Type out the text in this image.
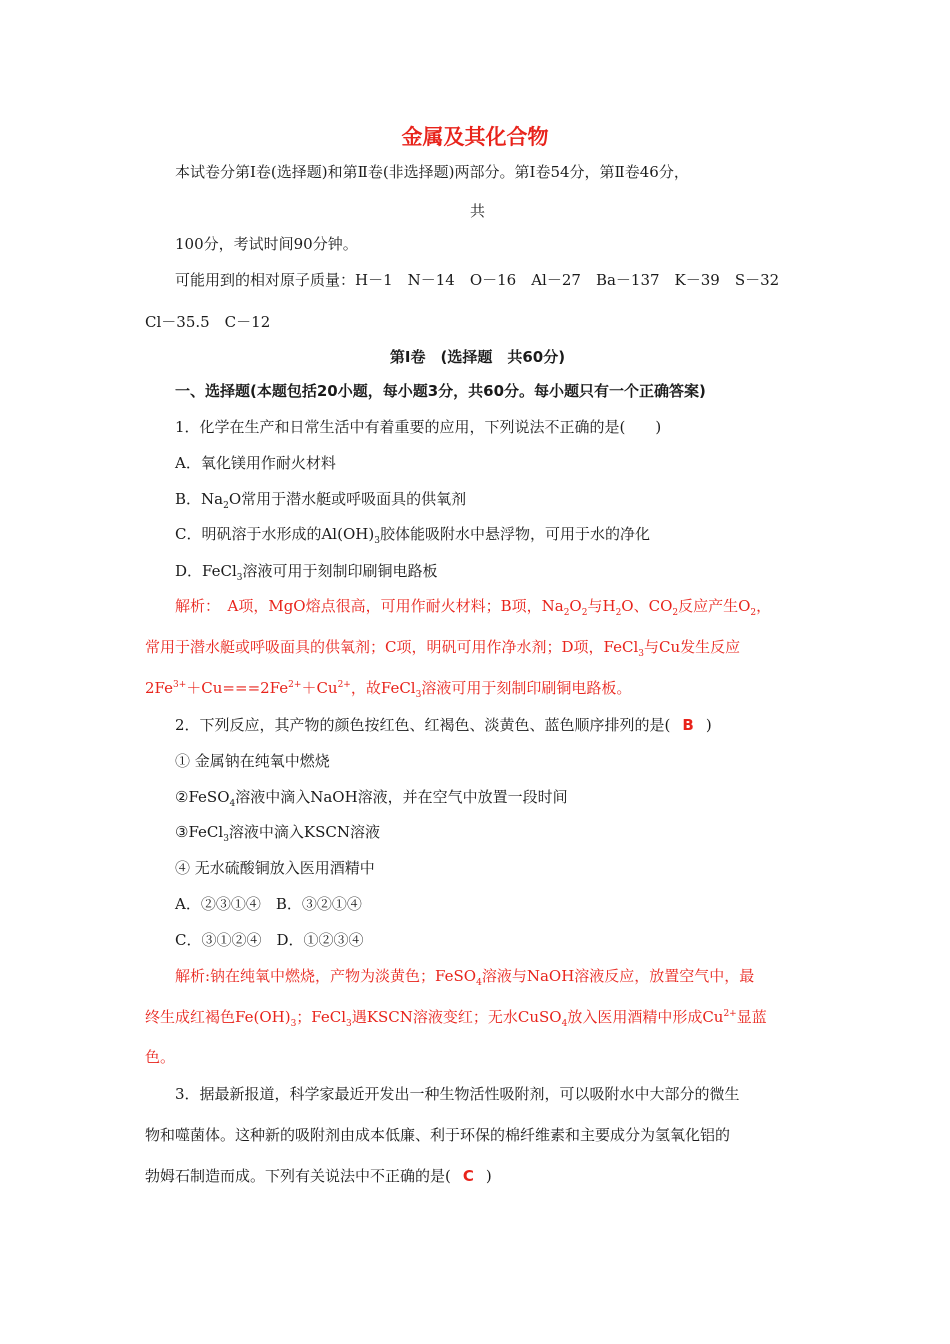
金属及其化合物
本试卷分第Ⅰ卷(选择题)和第Ⅱ卷(非选择题)两部分。第Ⅰ卷54分，第Ⅱ卷46分，
共
100分，考试时间90分钟。
可能用到的相对原子质量：H－1　N－14　O－16　Al－27　Ba－137　K－39　S－32
Cl－35.5　C－12
第Ⅰ卷　(选择题　共60分)
一、选择题(本题包括20小题，每小题3分，共60分。每小题只有一个正确答案)
1．化学在生产和日常生活中有着重要的应用，下列说法不正确的是(　　)
A．氧化镁用作耐火材料
B．$Na_2O$常用于潜水艇或呼吸面具的供氧剂
C．明矾溶于水形成的$Al(OH)_3$胶体能吸附水中悬浮物，可用于水的净化
D．FeCl$_3$溶液可用于刻制印刷铜电路板
解析：　A项，MgO熔点很高，可用作耐火材料；B项，$Na_2O_2$与$H_2O$、$CO_2$反应产生$O_2$，
常用于潜水艇或呼吸面具的供氧剂；C项，明矾可用作净水剂；D项，FeCl$_3$与Cu发生反应
$2Fe^{3+}+Cu===2Fe^{2+}+Cu^{2+}$，故FeCl$_3$溶液可用于刻制印刷铜电路板。
2．下列反应，其产物的颜色按红色、红褐色、淡黄色、蓝色顺序排列的是( B )
① 金属钠在纯氧中燃烧
②FeSO$_4$溶液中滴入NaOH溶液，并在空气中放置一段时间
③FeCl$_3$溶液中滴入KSCN溶液
④ 无水硫酸铜放入医用酒精中
A．②③①④　B．③②①④
C．③①②④　D．①②③④
解析:钠在纯氧中燃烧，产物为淡黄色；FeSO$_4$溶液与NaOH溶液反应，放置空气中，最
终生成红褐色$Fe(OH)_3$；FeCl$_3$遇KSCN溶液变红；无水CuSO$_4$放入医用酒精中形成$Cu^{2+}$显蓝
色。
3．据最新报道，科学家最近开发出一种生物活性吸附剂，可以吸附水中大部分的微生
物和噬菌体。这种新的吸附剂由成本低廉、利于环保的棉纤维素和主要成分为氢氧化铝的
勃姆石制造而成。下列有关说法中不正确的是( C )
